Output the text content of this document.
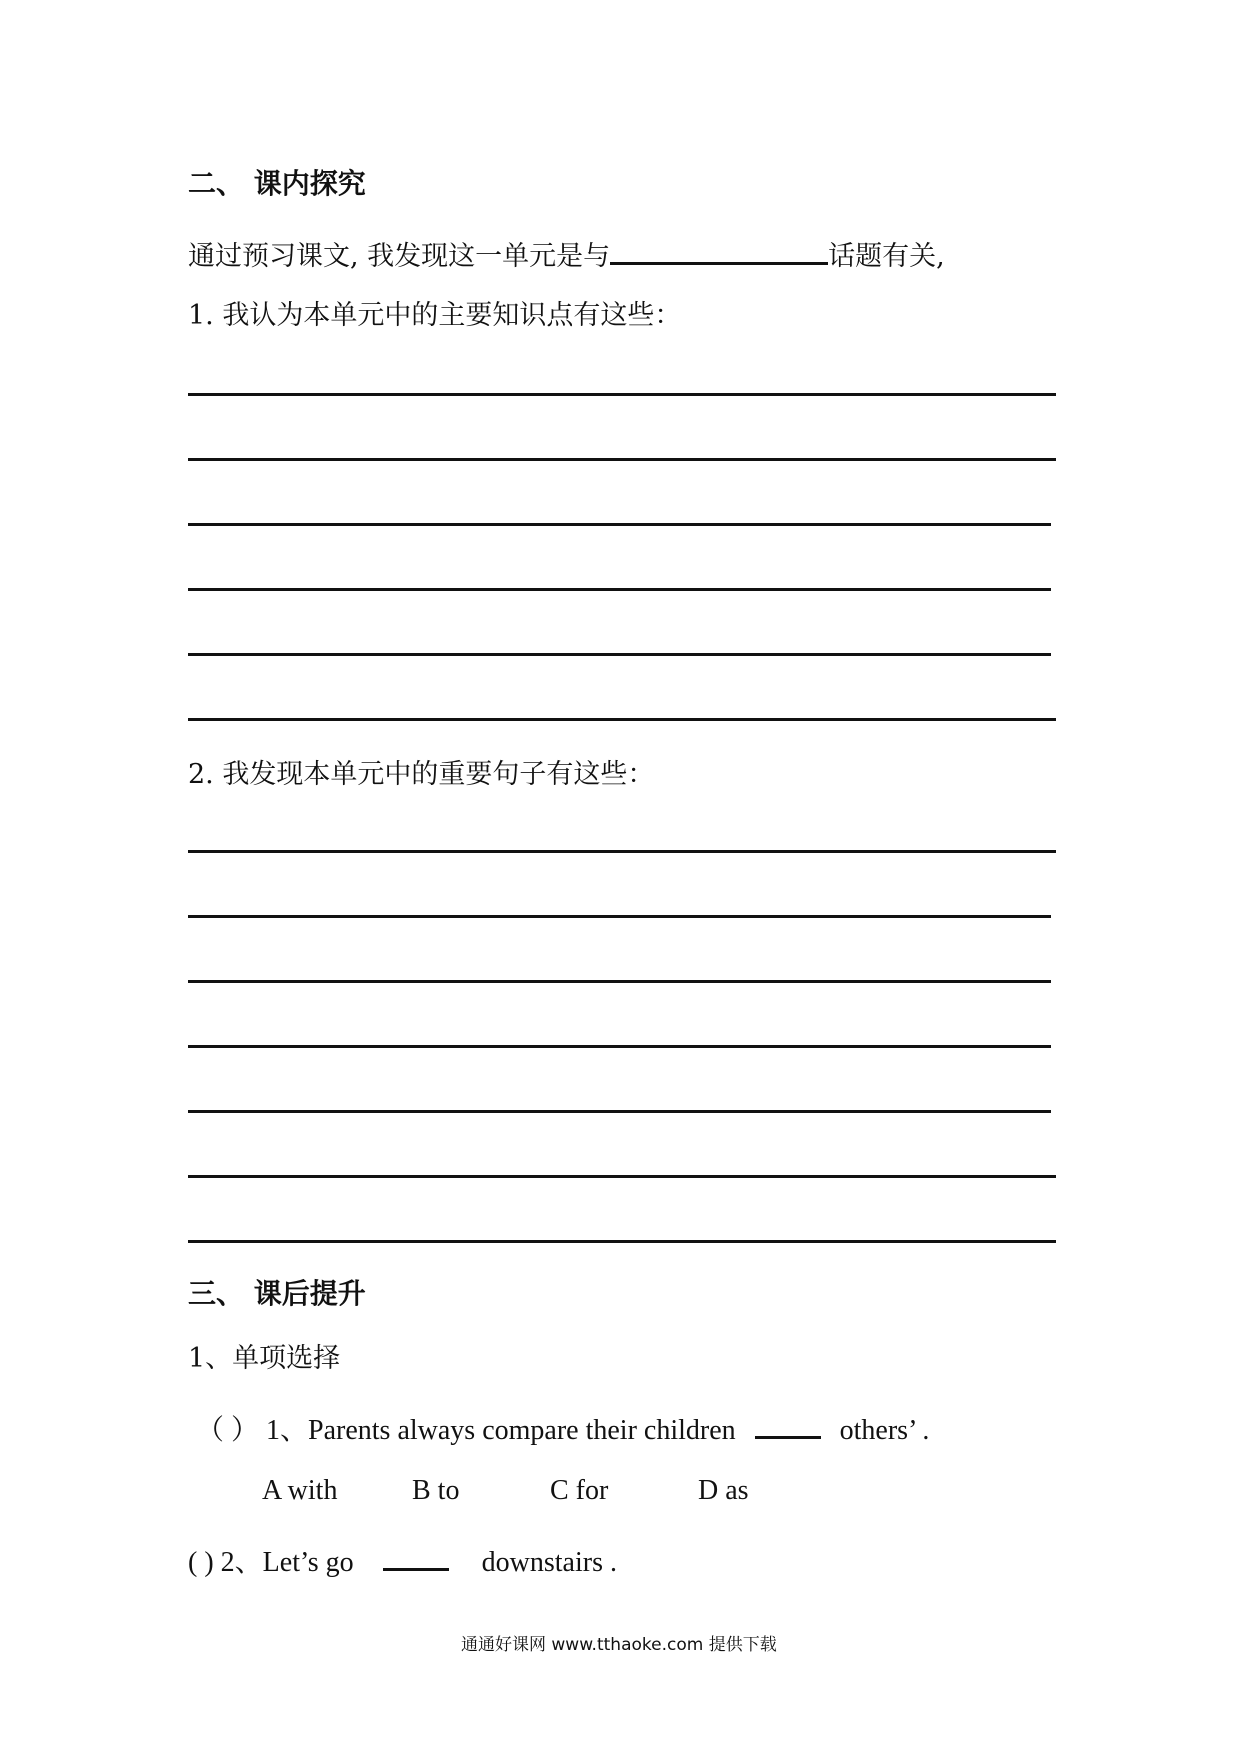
二、 课内探究
通过预习课文, 我发现这一单元是与	话题有关,
1. 我认为本单元中的主要知识点有这些：
2. 我发现本单元中的重要句子有这些：
三、 课后提升
1、单项选择
（ ） 1、Parents always compare their children	others’ .
A with	B to	C for	D as
( ) 2、Let’s go	downstairs .
通通好课网 www.tthaoke.com 提供下载
